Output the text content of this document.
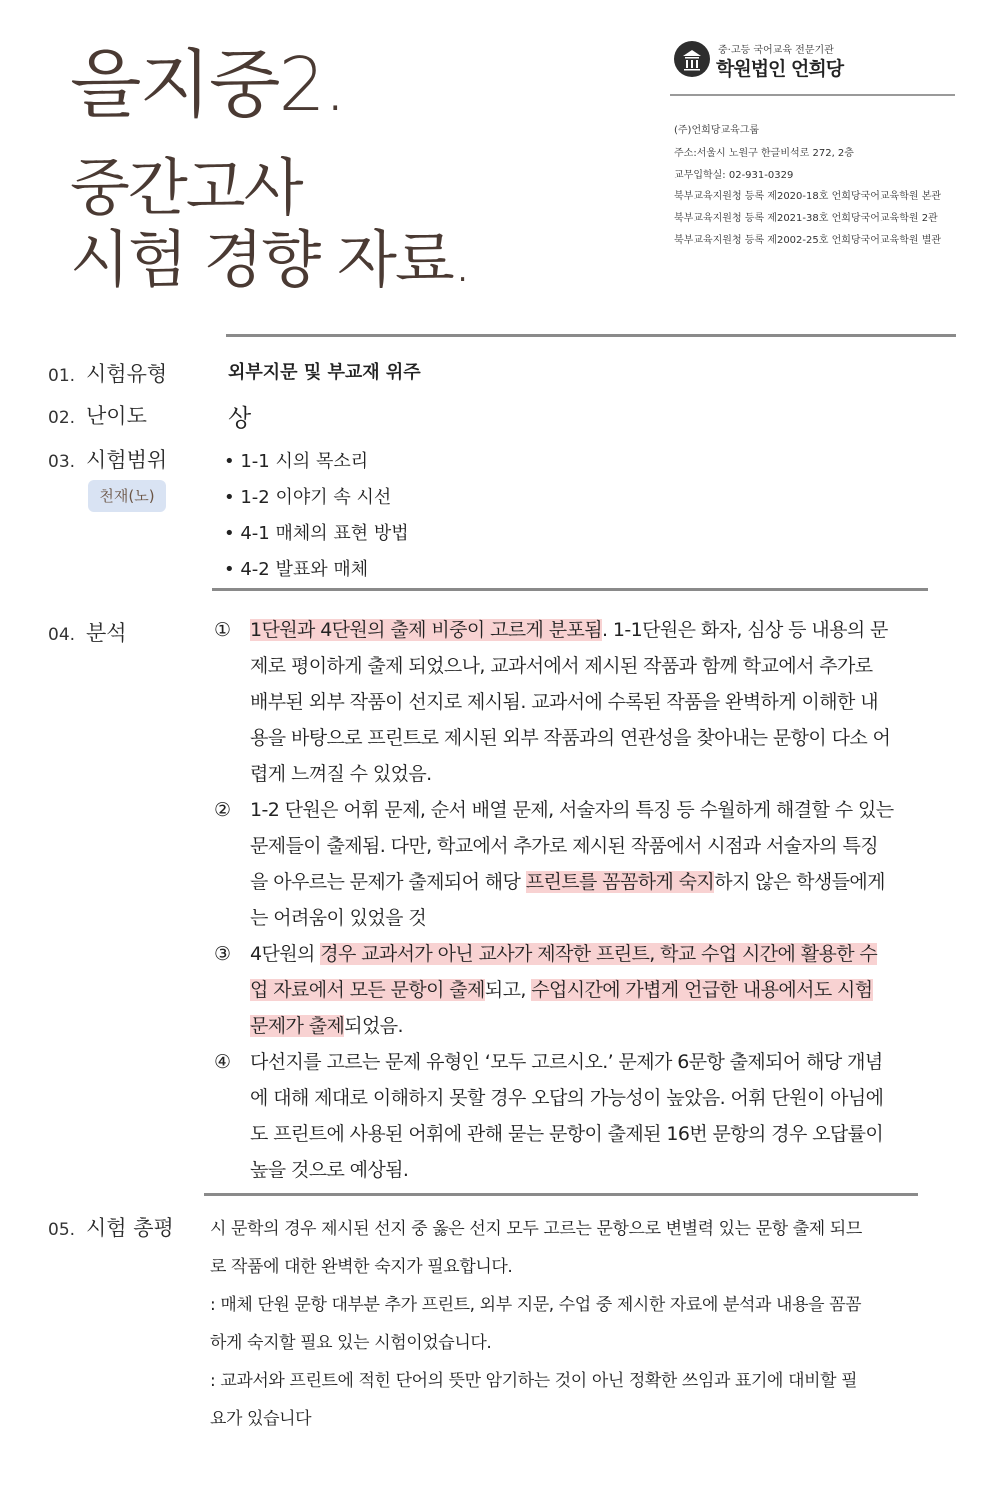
을지중2.
중간고사
시험 경향 자료.
중·고등 국어교육 전문기관
학원법인 언희당
(주)언희당교육그룹
주소:서울시 노원구 한글비석로 272, 2층
교무입학실: 02-931-0329
북부교육지원청 등록 제2020-18호 언희당국어교육학원 본관
북부교육지원청 등록 제2021-38호 언희당국어교육학원 2관
북부교육지원청 등록 제2002-25호 언희당국어교육학원 별관
01. 시험유형	외부지문 및 부교재 위주
02. 난이도	상
03. 시험범위
천재(노)
• 1-1 시의 목소리
• 1-2 이야기 속 시선
• 4-1 매체의 표현 방법
• 4-2 발표와 매체
04. 분석	① 1단원과 4단원의 출제 비중이 고르게 분포됨. 1-1단원은 화자, 심상 등 내용의 문제로 평이하게 출제 되었으나, 교과서에서 제시된 작품과 함께 학교에서 추가로 배부된 외부 작품이 선지로 제시됨. 교과서에 수록된 작품을 완벽하게 이해한 내용을 바탕으로 프린트로 제시된 외부 작품과의 연관성을 찾아내는 문항이 다소 어렵게 느껴질 수 있었음.
② 1-2 단원은 어휘 문제, 순서 배열 문제, 서술자의 특징 등 수월하게 해결할 수 있는 문제들이 출제됨. 다만, 학교에서 추가로 제시된 작품에서 시점과 서술자의 특징을 아우르는 문제가 출제되어 해당 프린트를 꼼꼼하게 숙지하지 않은 학생들에게는 어려움이 있었을 것
③ 4단원의 경우 교과서가 아닌 교사가 제작한 프린트, 학교 수업 시간에 활용한 수업 자료에서 모든 문항이 출제되고, 수업시간에 가볍게 언급한 내용에서도 시험 문제가 출제되었음.
④ 다선지를 고르는 문제 유형인 ‘모두 고르시오.’ 문제가 6문항 출제되어 해당 개념에 대해 제대로 이해하지 못할 경우 오답의 가능성이 높았음. 어휘 단원이 아님에도 프린트에 사용된 어휘에 관해 묻는 문항이 출제된 16번 문항의 경우 오답률이 높을 것으로 예상됨.
05. 시험 총평 시 문학의 경우 제시된 선지 중 옳은 선지 모두 고르는 문항으로 변별력 있는 문항 출제 되므
로 작품에 대한 완벽한 숙지가 필요합니다.
: 매체 단원 문항 대부분 추가 프린트, 외부 지문, 수업 중 제시한 자료에 분석과 내용을 꼼꼼
하게 숙지할 필요 있는 시험이었습니다.
: 교과서와 프린트에 적힌 단어의 뜻만 암기하는 것이 아닌 정확한 쓰임과 표기에 대비할 필
요가 있습니다
